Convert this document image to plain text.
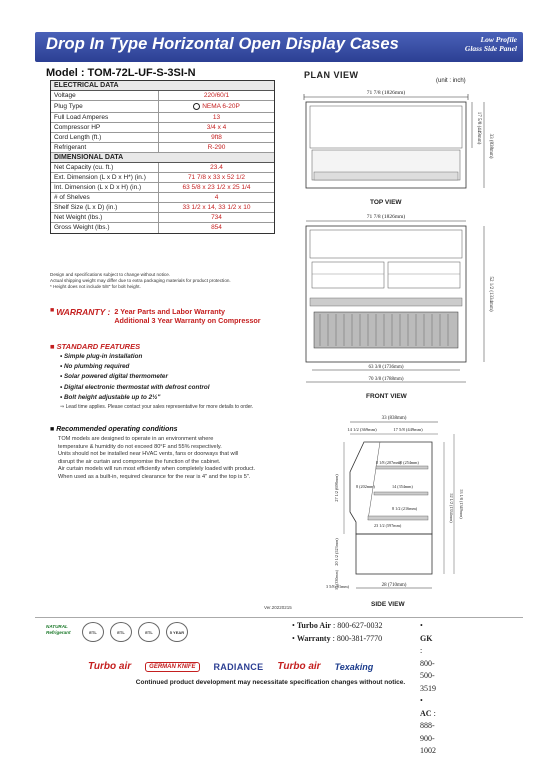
Drop In Type Horizontal Open Display Cases	Low Profile
Glass Side Panel
Model : TOM-72L-UF-S-3SI-N
ELECTRICAL DATA
Voltage	220/60/1
Plug Type	NEMA 6-20P
Full Load Amperes	13
Compressor HP	3/4 x 4
Cord Length (ft.)	9ft8
Refrigerant	R-290
DIMENSIONAL DATA
Net Capacity (cu. ft.)	23.4
Ext. Dimension (L x D x H*) (in.)	71 7/8 x 33 x 52 1/2
Int. Dimension (L x D x H) (in.)	63 5/8 x 23 1/2 x 25 1/4
# of Shelves	4
Shelf Size (L x D) (in.)	33 1/2 x 14, 33 1/2 x 10
Net Weight (lbs.)	734
Gross Weight (lbs.)	854
Design and specifications subject to change without notice.
Actual shipping weight may differ due to extra packaging materials for product protection.
* Height does not include 5/8" for bolt height.
■ WARRANTY : 2 Year Parts and Labor Warranty
Additional 3 Year Warranty on Compressor
■ STANDARD FEATURES
• Simple plug-in installation
• No plumbing required
• Solar powered digital thermometer
• Digital electronic thermostat with defrost control
• Bolt height adjustable up to 2½"
⇒ Lead time applies. Please contact your sales representative for more details to order.
■ Recommended operating conditions
TOM models are designed to operate in an environment where
temperature & humidity do not exceed 80°F and 55% respectively.
Units should not be installed near HVAC vents, fans or doorways that will
disrupt the air curtain and compromise the function of the cabinet.
Air curtain models will run most efficiently when completely loaded with product.
When used as a built-in, required clearance for the rear is 4" and the top is 5".
Ver.20220215
PLAN VIEW
(unit : inch)
71 7/8 (1826mm)
17 5/8 (449mm)
33 (838mm)
TOP VIEW
71 7/8 (1826mm)
52 1/2 (1334mm)
63 3/8 (1736mm)
70 3/8 (1788mm)
FRONT VIEW
33 (838mm)
14 1/2 (369mm)	17 5/8 (449mm)
8 1/8 (207mm)
10 (254mm)
8 (202mm)	14 (354mm)
8 1/2 (216mm)
23 1/2 (597mm)
27 1/2 (698mm)
20 1/2 (523mm)
13 (330mm)
52 1/2 (1334mm) 53 1/8 (1349mm)
28 (710mm)
3 5/8 (91mm)
SIDE VIEW
NATURAL Refrigerant	ETL	ETL	ETL	5 YEAR
• Turbo Air : 800-627-0032
• Warranty : 800-381-7770
• GK : 800-500-3519
• AC : 888-900-1002
Turbo air	GERMAN KNIFE	RADIANCE Turbo air Texaking
Continued product development may necessitate specification changes without notice.
